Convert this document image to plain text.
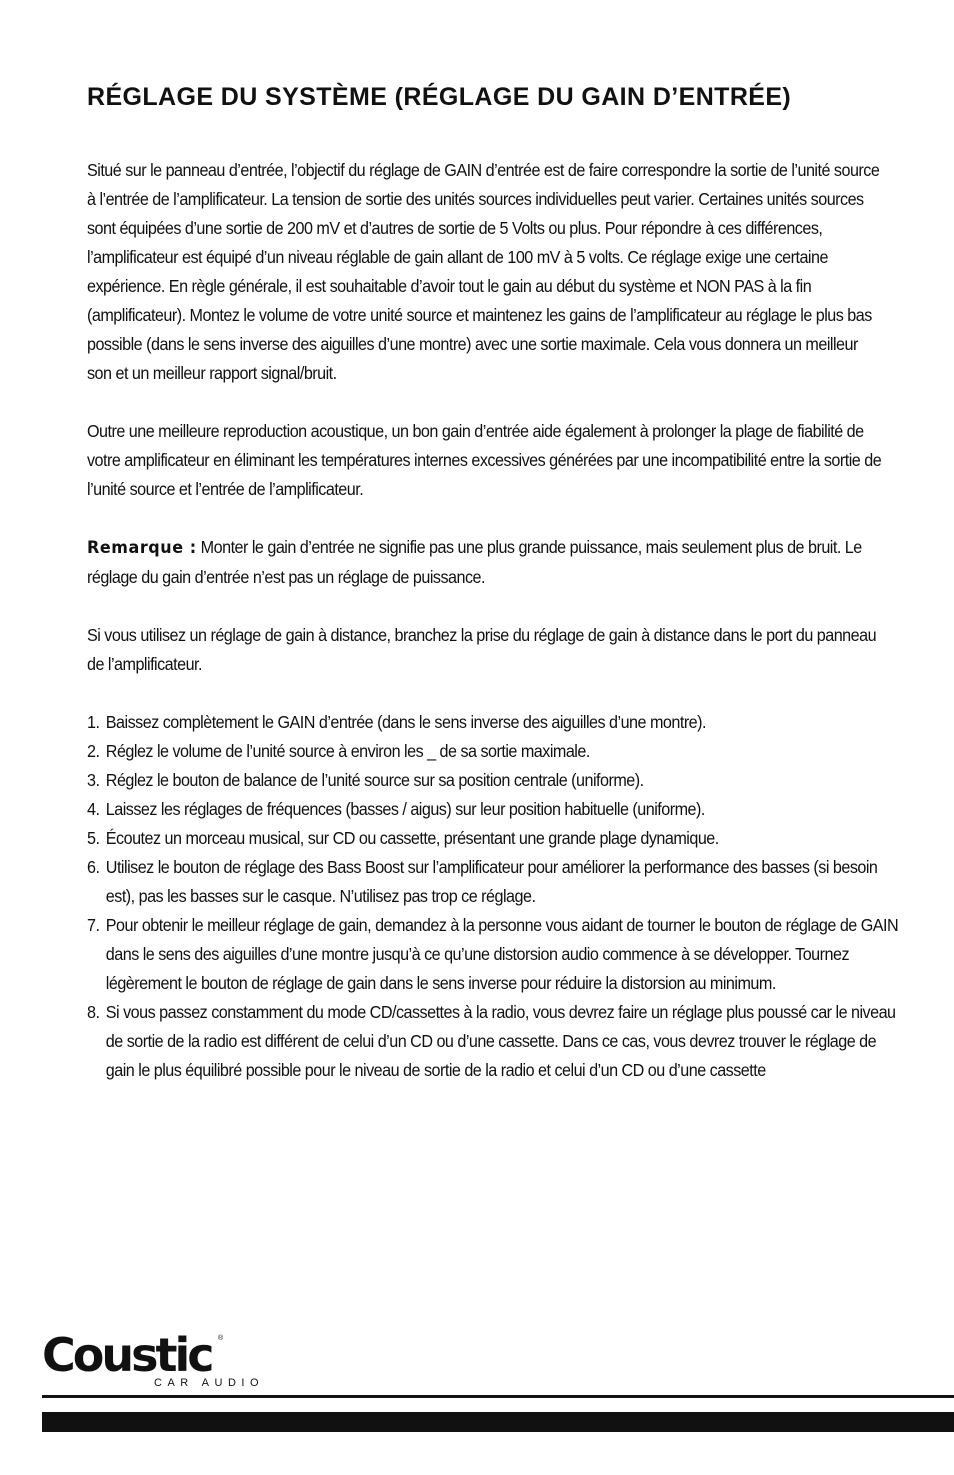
RÉGLAGE DU SYSTÈME (RÉGLAGE DU GAIN D’ENTRÉE)

Situé sur le panneau d’entrée, l’objectif du réglage de GAIN d’entrée est de faire correspondre la sortie de l’unité source à l’entrée de l’amplificateur. La tension de sortie des unités sources individuelles peut varier. Certaines unités sources sont équipées d’une sortie de 200 mV et d’autres de sortie de 5 Volts ou plus. Pour répondre à ces différences, l’amplificateur est équipé d’un niveau réglable de gain allant de 100 mV à 5 volts. Ce réglage exige une certaine expérience. En règle générale, il est souhaitable d’avoir tout le gain au début du système et NON PAS à la fin (amplificateur). Montez le volume de votre unité source et maintenez les gains de l’amplificateur au réglage le plus bas possible (dans le sens inverse des aiguilles d’une montre) avec une sortie maximale. Cela vous donnera un meilleur son et un meilleur rapport signal/bruit.

Outre une meilleure reproduction acoustique, un bon gain d’entrée aide également à prolonger la plage de fiabilité de votre amplificateur en éliminant les températures internes excessives générées par une incompatibilité entre la sortie de l’unité source et l’entrée de l’amplificateur.

Remarque : Monter le gain d’entrée ne signifie pas une plus grande puissance, mais seulement plus de bruit. Le réglage du gain d’entrée n’est pas un réglage de puissance.

Si vous utilisez un réglage de gain à distance, branchez la prise du réglage de gain à distance dans le port du panneau de l’amplificateur.

1. Baissez complètement le GAIN d’entrée (dans le sens inverse des aiguilles d’une montre).
2. Réglez le volume de l’unité source à environ les _ de sa sortie maximale.
3. Réglez le bouton de balance de l’unité source sur sa position centrale (uniforme).
4. Laissez les réglages de fréquences (basses / aigus) sur leur position habituelle (uniforme).
5. Écoutez un morceau musical, sur CD ou cassette, présentant une grande plage dynamique.
6. Utilisez le bouton de réglage des Bass Boost sur l’amplificateur pour améliorer la performance des basses (si besoin est), pas les basses sur le casque. N’utilisez pas trop ce réglage.
7. Pour obtenir le meilleur réglage de gain, demandez à la personne vous aidant de tourner le bouton de réglage de GAIN dans le sens des aiguilles d’une montre jusqu’à ce qu’une distorsion audio commence à se développer. Tournez légèrement le bouton de réglage de gain dans le sens inverse pour réduire la distorsion au minimum.
8. Si vous passez constamment du mode CD/cassettes à la radio, vous devrez faire un réglage plus poussé car le niveau de sortie de la radio est différent de celui d’un CD ou d’une cassette. Dans ce cas, vous devrez trouver le réglage de gain le plus équilibré possible pour le niveau de sortie de la radio et celui d’un CD ou d’une cassette
Coustic ®
CAR AUDIO
